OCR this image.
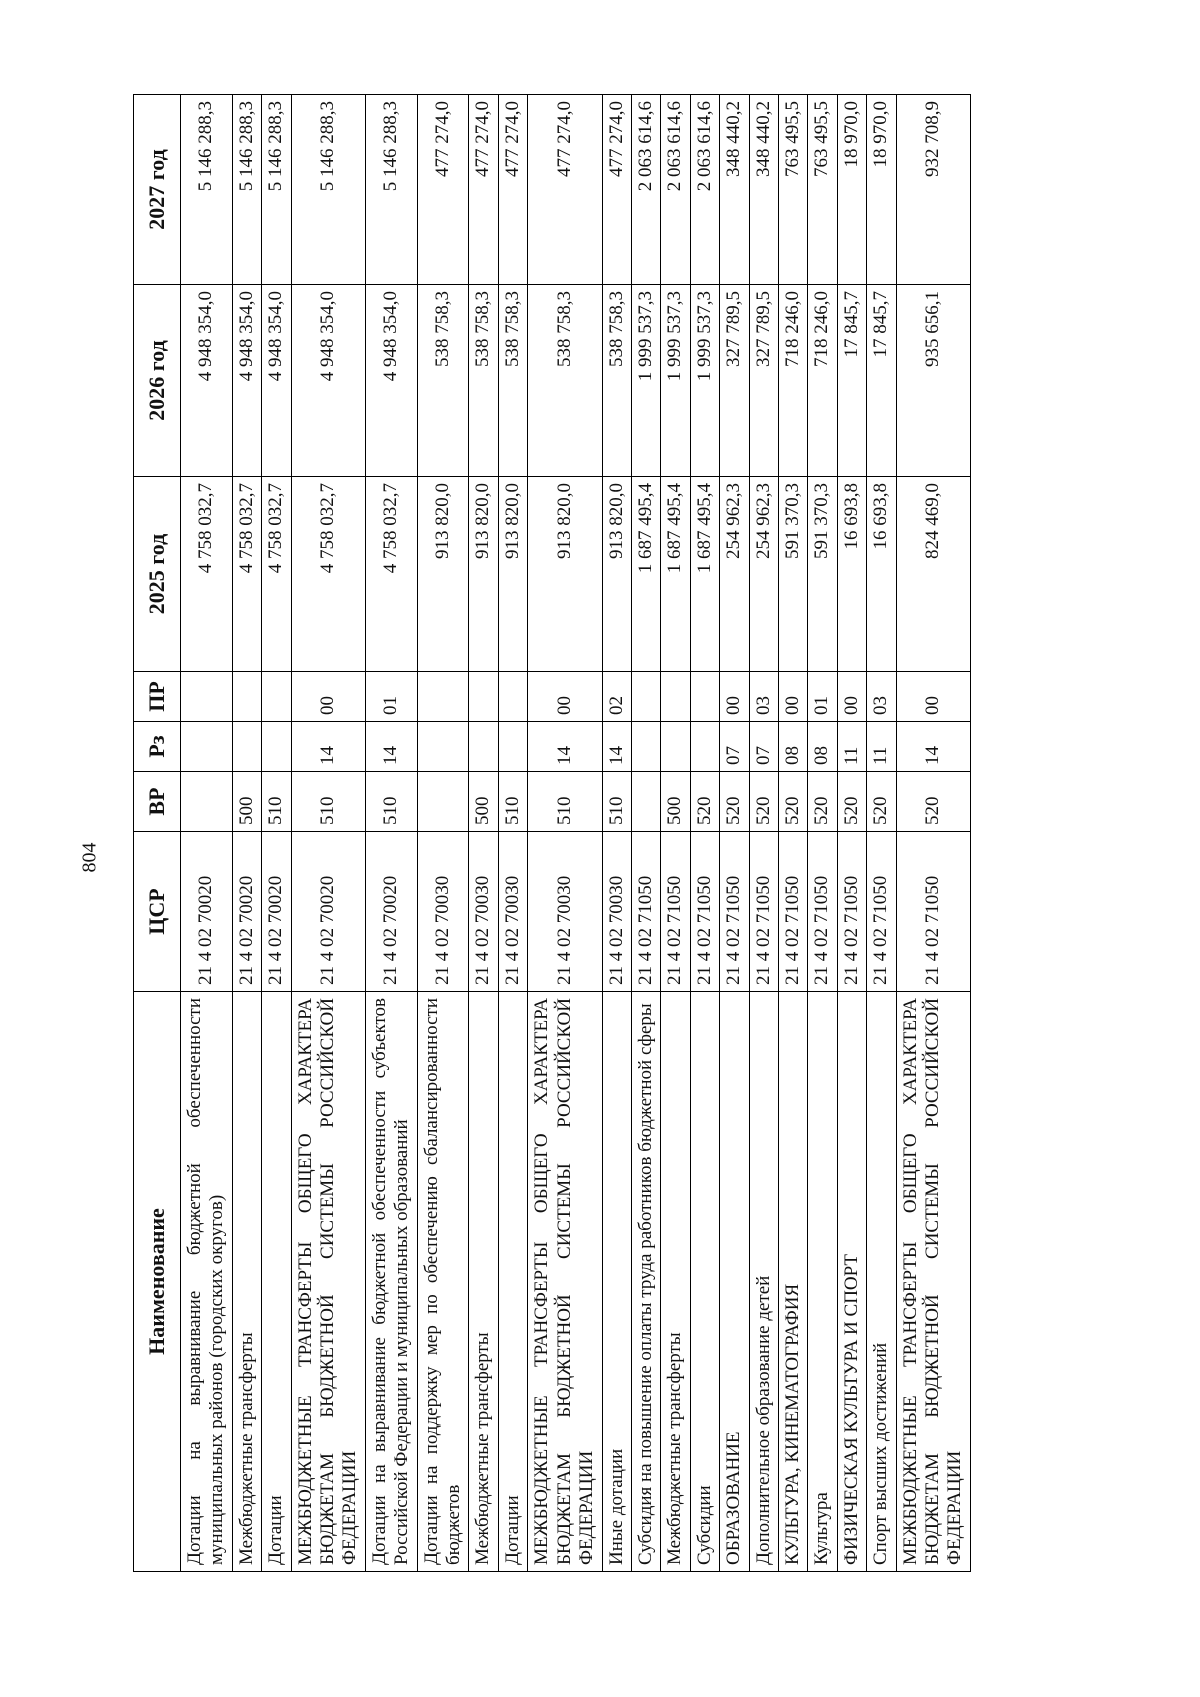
804
Наименование	ЦСР	ВР	Рз	ПР	2025 год	2026 год	2027 год
Дотации на выравнивание бюджетной обеспеченности муниципальных районов (городских округов)	21 4 02 70020				4 758 032,7	4 948 354,0	5 146 288,3
Межбюджетные трансферты	21 4 02 70020	500			4 758 032,7	4 948 354,0	5 146 288,3
Дотации	21 4 02 70020	510			4 758 032,7	4 948 354,0	5 146 288,3
МЕЖБЮДЖЕТНЫЕ ТРАНСФЕРТЫ ОБЩЕГО ХАРАКТЕРА БЮДЖЕТАМ БЮДЖЕТНОЙ СИСТЕМЫ РОССИЙСКОЙ ФЕДЕРАЦИИ	21 4 02 70020	510	14	00	4 758 032,7	4 948 354,0	5 146 288,3
Дотации на выравнивание бюджетной обеспеченности субъектов Российской Федерации и муниципальных образований	21 4 02 70020	510	14	01	4 758 032,7	4 948 354,0	5 146 288,3
Дотации на поддержку мер по обеспечению сбалансированности бюджетов	21 4 02 70030				913 820,0	538 758,3	477 274,0
Межбюджетные трансферты	21 4 02 70030	500			913 820,0	538 758,3	477 274,0
Дотации	21 4 02 70030	510			913 820,0	538 758,3	477 274,0
МЕЖБЮДЖЕТНЫЕ ТРАНСФЕРТЫ ОБЩЕГО ХАРАКТЕРА БЮДЖЕТАМ БЮДЖЕТНОЙ СИСТЕМЫ РОССИЙСКОЙ ФЕДЕРАЦИИ	21 4 02 70030	510	14	00	913 820,0	538 758,3	477 274,0
Иные дотации	21 4 02 70030	510	14	02	913 820,0	538 758,3	477 274,0
Субсидия на повышение оплаты труда работников бюджетной сферы	21 4 02 71050				1 687 495,4	1 999 537,3	2 063 614,6
Межбюджетные трансферты	21 4 02 71050	500			1 687 495,4	1 999 537,3	2 063 614,6
Субсидии	21 4 02 71050	520			1 687 495,4	1 999 537,3	2 063 614,6
ОБРАЗОВАНИЕ	21 4 02 71050	520	07	00	254 962,3	327 789,5	348 440,2
Дополнительное образование детей	21 4 02 71050	520	07	03	254 962,3	327 789,5	348 440,2
КУЛЬТУРА, КИНЕМАТОГРАФИЯ	21 4 02 71050	520	08	00	591 370,3	718 246,0	763 495,5
Культура	21 4 02 71050	520	08	01	591 370,3	718 246,0	763 495,5
ФИЗИЧЕСКАЯ КУЛЬТУРА И СПОРТ	21 4 02 71050	520	11	00	16 693,8	17 845,7	18 970,0
Спорт высших достижений	21 4 02 71050	520	11	03	16 693,8	17 845,7	18 970,0
МЕЖБЮДЖЕТНЫЕ ТРАНСФЕРТЫ ОБЩЕГО ХАРАКТЕРА БЮДЖЕТАМ БЮДЖЕТНОЙ СИСТЕМЫ РОССИЙСКОЙ ФЕДЕРАЦИИ	21 4 02 71050	520	14	00	824 469,0	935 656,1	932 708,9
